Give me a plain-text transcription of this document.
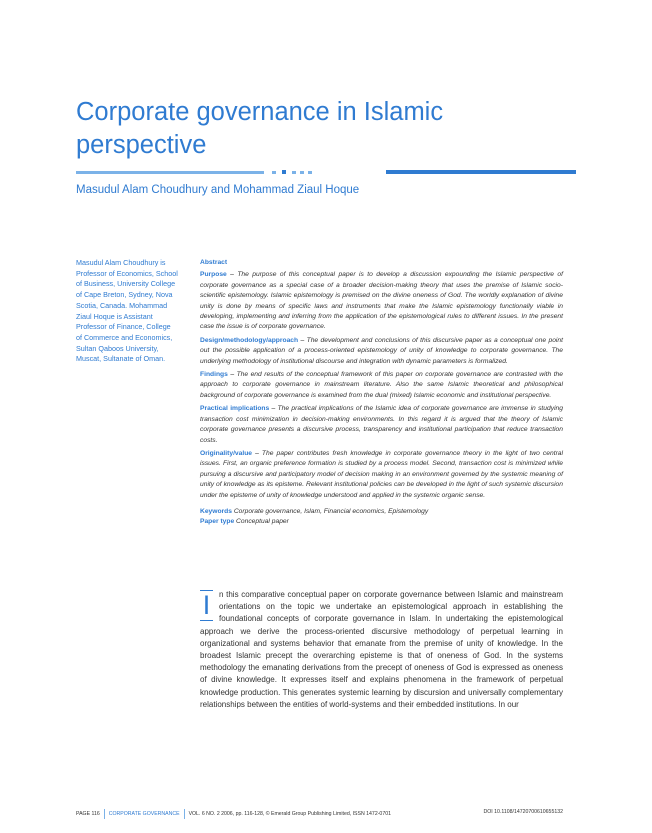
Corporate governance in Islamic perspective
Masudul Alam Choudhury and Mohammad Ziaul Hoque
Masudul Alam Choudhury is Professor of Economics, School of Business, University College of Cape Breton, Sydney, Nova Scotia, Canada. Mohammad Ziaul Hoque is Assistant Professor of Finance, College of Commerce and Economics, Sultan Qaboos University, Muscat, Sultanate of Oman.
Abstract

Purpose – The purpose of this conceptual paper is to develop a discussion expounding the Islamic perspective of corporate governance as a special case of a broader decision-making theory that uses the premise of Islamic socio-scientific epistemology. Islamic epistemology is premised on the divine oneness of God. The worldly explanation of divine unity is done by means of specific laws and instruments that make the Islamic epistemology functionally viable in developing, implementing and inferring from the application of the epistemological rules to different issues. In the present case the issue is of corporate governance.

Design/methodology/approach – The development and conclusions of this discursive paper as a conceptual one point out the possible application of a process-oriented epistemology of unity of knowledge to corporate governance. The underlying methodology of institutional discourse and integration with dynamic parameters is formalized.

Findings – The end results of the conceptual framework of this paper on corporate governance are contrasted with the approach to corporate governance in mainstream literature. Also the same Islamic theoretical and philosophical background of corporate governance is examined from the dual (mixed) Islamic economic and institutional perspective.

Practical implications – The practical implications of the Islamic idea of corporate governance are immense in studying transaction cost minimization in decision-making environments. In this regard it is argued that the theory of Islamic corporate governance presents a discursive process, transparency and institutional participation that reduce transaction costs.

Originality/value – The paper contributes fresh knowledge in corporate governance theory in the light of two central issues. First, an organic preference formation is studied by a process model. Second, transaction cost is minimized while pursuing a discursive and participatory model of decision making in an environment governed by the systemic meaning of unity of knowledge as its episteme. Relevant institutional policies can be developed in the light of such systemic discursion under the episteme of unity of knowledge understood and applied in the systemic organic sense.

Keywords Corporate governance, Islam, Financial economics, Epistemology

Paper type Conceptual paper

I	n this comparative conceptual paper on corporate governance between Islamic and mainstream orientations on the topic we undertake an epistemological approach in establishing the foundational concepts of corporate governance in Islam. In undertaking the epistemological approach we derive the process-oriented discursive methodology of perpetual learning in organizational and systems behavior that emanate from the premise of unity of knowledge. In the broadest Islamic precept the overarching episteme is that of oneness of God. In the systems methodology the emanating derivations from the precept of oneness of God is expressed as oneness of divine knowledge. It expresses itself and explains phenomena in the framework of perpetual knowledge production. This generates systemic learning by discursion and universally complementary relationships between the entities of world-systems and their embedded institutions. In our
PAGE 116 CORPORATE GOVERNANCE VOL. 6 NO. 2 2006, pp. 116-128, © Emerald Group Publishing Limited, ISSN 1472-0701	DOI 10.1108/14720700610655132
